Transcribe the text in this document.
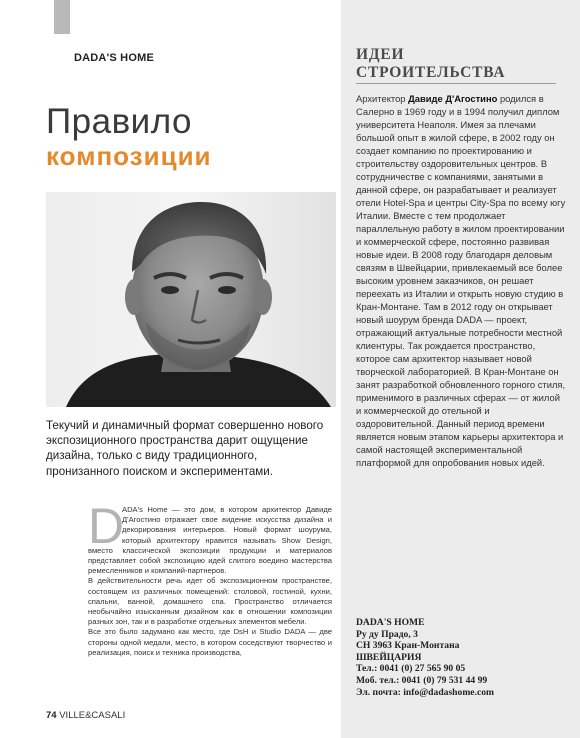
DADA'S HOME
Правило
композиции

Текучий и динамичный формат совершенно нового экспозиционного пространства дарит ощущение дизайна, только с виду традиционного, пронизанного поиском и экспериментами.

D

ADA's Home — это дом, в котором архитектор Давиде Д'Агостино отражает свое видение искусства дизайна и декорирования интерьеров. Новый формат шоурума, который архитектору нравится называть Show Design, вместо классической экспозиции продукции и материалов представляет собой экспозицию идей слитого воедино мастерства ремесленников и компаний-партнеров.

В действительности речь идет об экспозиционном пространстве, состоящем из различных помещений: столовой, гостиной, кухни, спальни, ванной, домашнего спа. Пространство отличается необычайно изысканным дизайном как в отношении композиции разных зон, так и в разработке отдельных элементов мебели.

Все это было задумано как место, где DsH и Studio DADA — две стороны одной медали, место, в котором соседствуют творчество и реализация, поиск и техника производства,

74 VILLE&CASALI
ИДЕИ СТРОИТЕЛЬСТВА

Архитектор Давиде Д'Агостино родился в Салерно в 1969 году и в 1994 получил диплом университета Неаполя. Имея за плечами большой опыт в жилой сфере, в 2002 году он создает компанию по проектированию и строительству оздоровительных центров. В сотрудничестве с компаниями, занятыми в данной сфере, он разрабатывает и реализует отели Hotel-Spa и центры City-Spa по всему югу Италии. Вместе с тем продолжает параллельную работу в жилом проектировании и коммерческой сфере, постоянно развивая новые идеи. В 2008 году благодаря деловым связям в Швейцарии, привлекаемый все более высоким уровнем заказчиков, он решает переехать из Италии и открыть новую студию в Кран-Монтане. Там в 2012 году он открывает новый шоурум бренда DADA — проект, отражающий актуальные потребности местной клиентуры. Так рождается пространство, которое сам архитектор называет новой творческой лабораторией. В Кран-Монтане он занят разработкой обновленного горного стиля, применимого в различных сферах — от жилой и коммерческой до отельной и оздоровительной. Данный период времени является новым этапом карьеры архитектора и самой настоящей экспериментальной платформой для опробования новых идей.

DADA'S HOME
Ру ду Прадо, 3
CH 3963 Кран-Монтана
ШВЕЙЦАРИЯ
Тел.: 0041 (0) 27 565 90 05
Моб. тел.: 0041 (0) 79 531 44 99
Эл. почта: info@dadashome.com
